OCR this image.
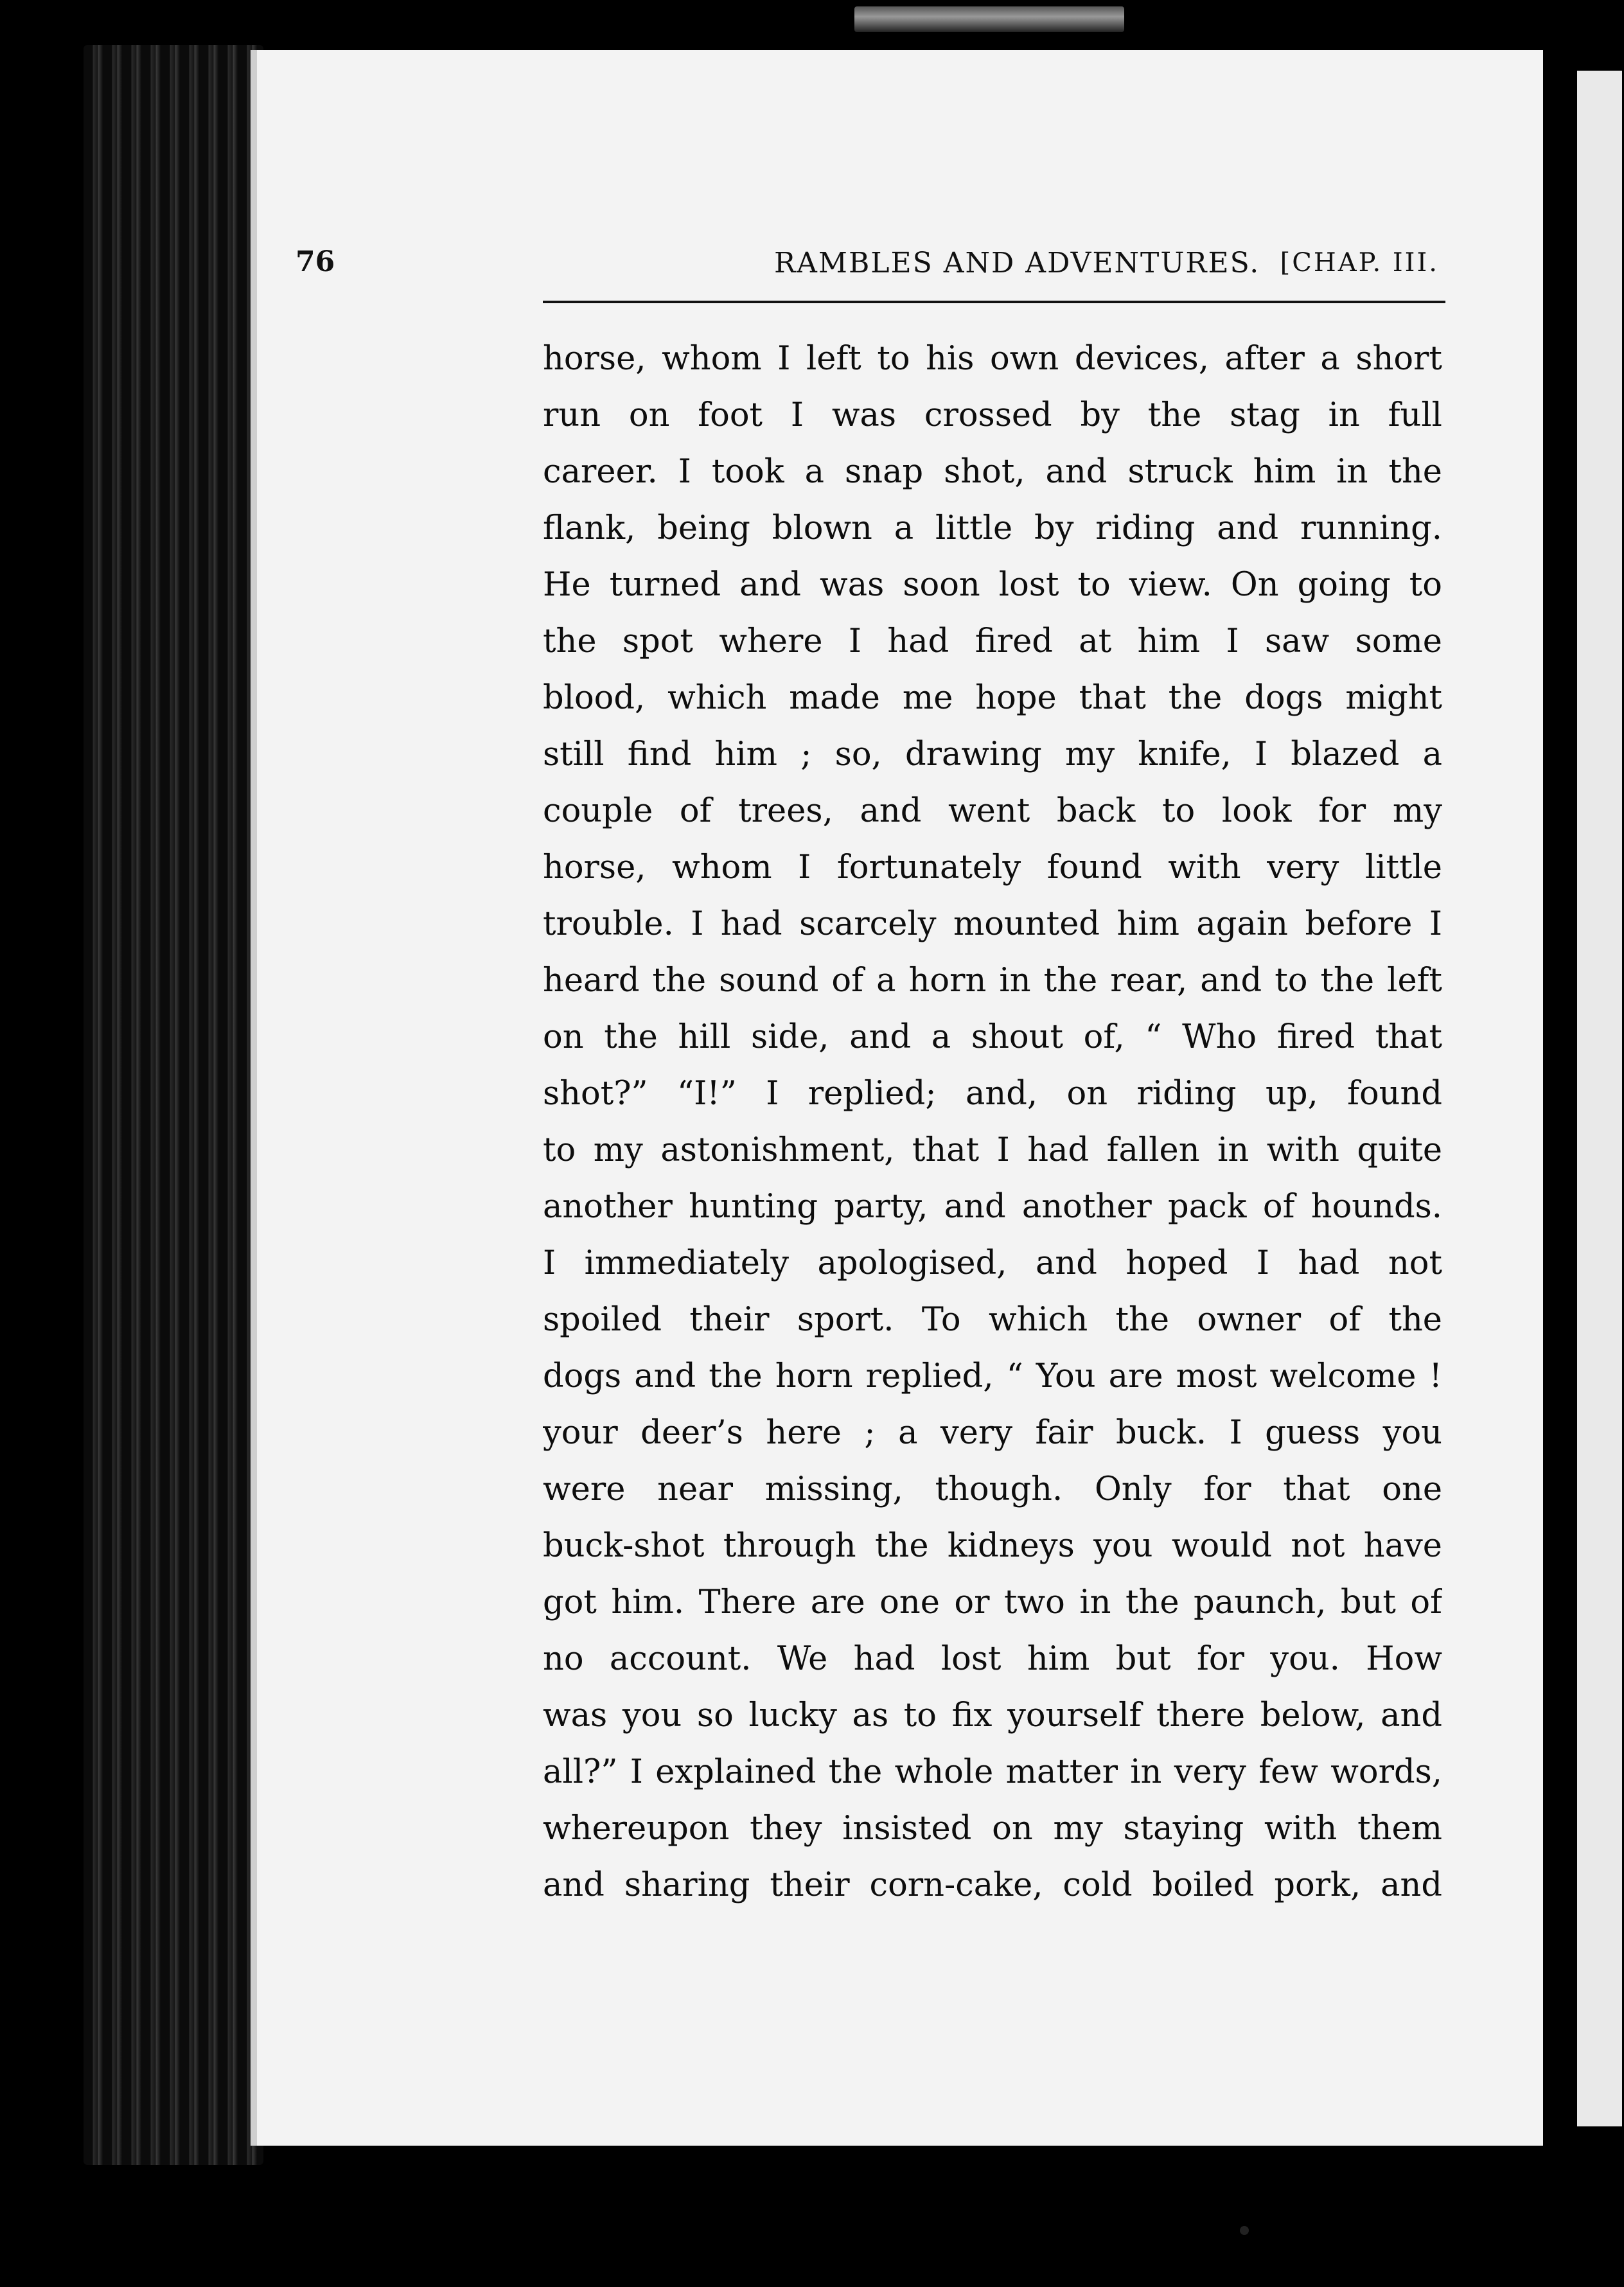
76	RAMBLES AND ADVENTURES. [CHAP. III.
horse, whom I left to his own devices, after a short
run on foot I was crossed by the stag in full
career. I took a snap shot, and struck him in the
flank, being blown a little by riding and running.
He turned and was soon lost to view. On going to
the spot where I had fired at him I saw some
blood, which made me hope that the dogs might
still find him ; so, drawing my knife, I blazed a
couple of trees, and went back to look for my
horse, whom I fortunately found with very little
trouble. I had scarcely mounted him again before I
heard the sound of a horn in the rear, and to the left
on the hill side, and a shout of, “ Who fired that
shot?” “I!” I replied; and, on riding up, found
to my astonishment, that I had fallen in with quite
another hunting party, and another pack of hounds.
I immediately apologised, and hoped I had not
spoiled their sport. To which the owner of the
dogs and the horn replied, “ You are most welcome !
your deer’s here ; a very fair buck. I guess you
were near missing, though. Only for that one
buck-shot through the kidneys you would not have
got him. There are one or two in the paunch, but of
no account. We had lost him but for you. How
was you so lucky as to fix yourself there below, and
all?” I explained the whole matter in very few words,
whereupon they insisted on my staying with them
and sharing their corn-cake, cold boiled pork, and
